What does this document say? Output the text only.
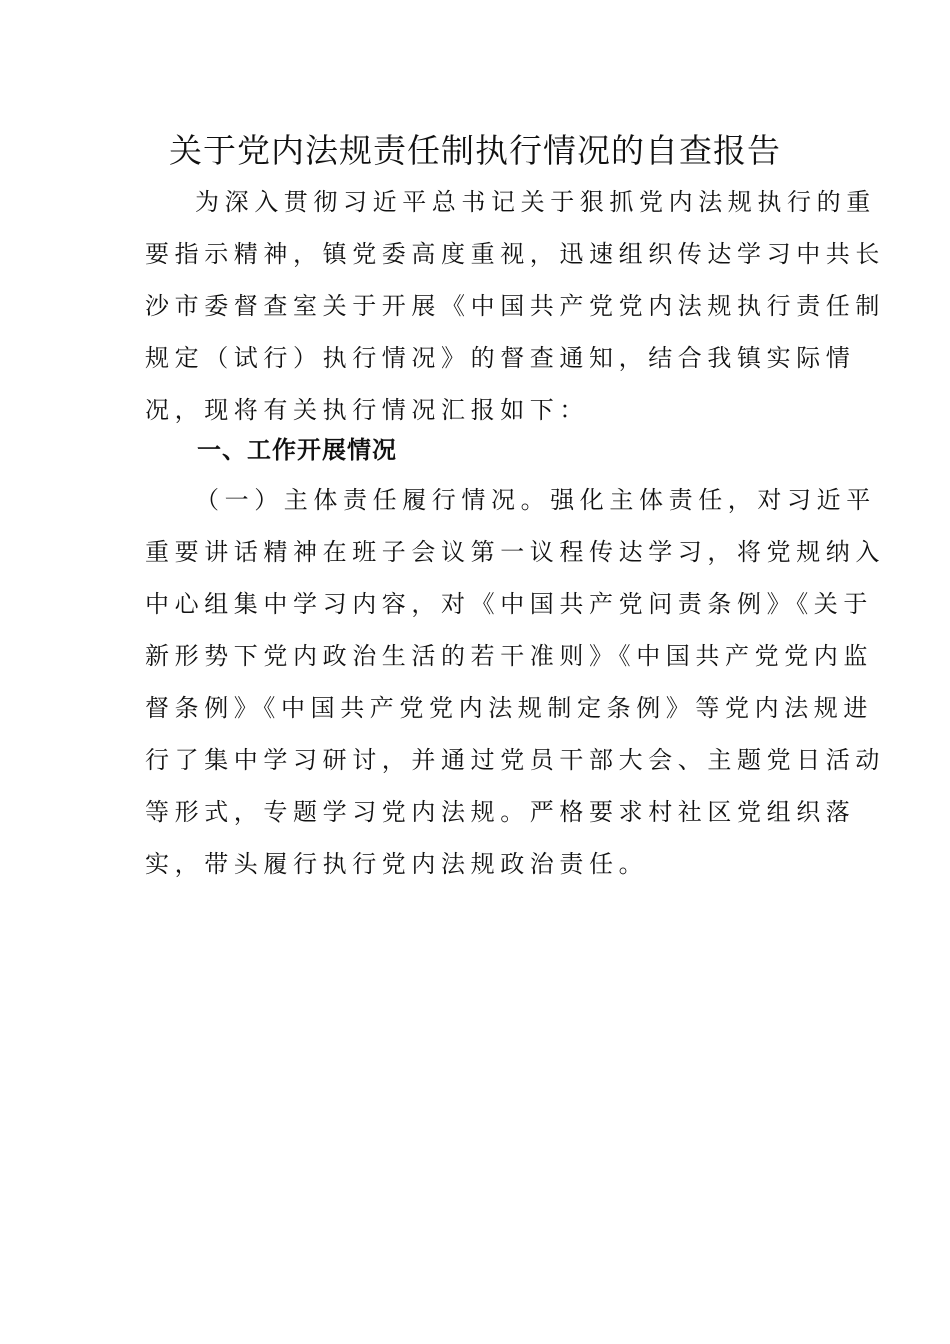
关于党内法规责任制执行情况的自查报告
为深入贯彻习近平总书记关于狠抓党内法规执行的重
要指示精神，镇党委高度重视，迅速组织传达学习中共长
沙市委督查室关于开展《中国共产党党内法规执行责任制
规定（试行）执行情况》的督查通知，结合我镇实际情
况，现将有关执行情况汇报如下：
一、工作开展情况
（一）主体责任履行情况。强化主体责任，对习近平
重要讲话精神在班子会议第一议程传达学习，将党规纳入
中心组集中学习内容，对《中国共产党问责条例》《关于
新形势下党内政治生活的若干准则》《中国共产党党内监
督条例》《中国共产党党内法规制定条例》等党内法规进
行了集中学习研讨，并通过党员干部大会、主题党日活动
等形式，专题学习党内法规。严格要求村社区党组织落
实，带头履行执行党内法规政治责任。
